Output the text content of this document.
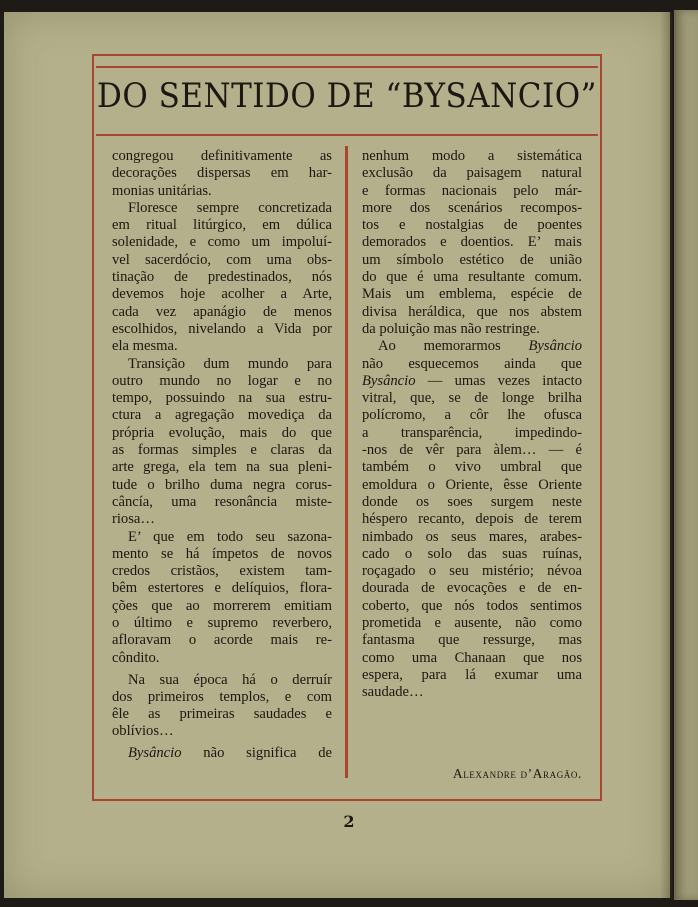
DO SENTIDO DE “BYSANCIO”
congregou definitivamente as
decorações dispersas em har-
monias unitárias.
Floresce sempre concretizada
em ritual litúrgico, em dúlica
solenidade, e como um impoluí-
vel sacerdócio, com uma obs-
tinação de predestinados, nós
devemos hoje acolher a Arte,
cada vez apanágio de menos
escolhidos, nivelando a Vida por
ela mesma.
Transição dum mundo para
outro mundo no logar e no
tempo, possuindo na sua estru-
ctura a agregação movediça da
própria evolução, mais do que
as formas simples e claras da
arte grega, ela tem na sua pleni-
tude o brilho duma negra corus-
câncía, uma resonância miste-
riosa…
E’ que em todo seu sazona-
mento se há ímpetos de novos
credos cristãos, existem tam-
bêm estertores e delíquios, flora-
ções que ao morrerem emitiam
o último e supremo reverbero,
afloravam o acorde mais re-
côndito.
Na sua época há o derruír
dos primeiros templos, e com
êle as primeiras saudades e
oblívios…
Bysâncio não significa de
nenhum modo a sistemática
exclusão da paisagem natural
e formas nacionais pelo már-
more dos scenários recompos-
tos e nostalgias de poentes
demorados e doentios. E’ mais
um símbolo estético de união
do que é uma resultante comum.
Mais um emblema, espécie de
divisa heráldica, que nos abstem
da poluição mas não restringe.
Ao memorarmos Bysâncio
não esquecemos ainda que
Bysâncio — umas vezes intacto
vitral, que, se de longe brilha
polícromo, a côr lhe ofusca
a transparência, impedindo-
-nos de vêr para àlem… — é
também o vivo umbral que
emoldura o Oriente, êsse Oriente
donde os soes surgem neste
héspero recanto, depois de terem
nimbado os seus mares, arabes-
cado o solo das suas ruínas,
roçagado o seu mistério; névoa
dourada de evocações e de en-
coberto, que nós todos sentimos
prometida e ausente, não como
fantasma que ressurge, mas
como uma Chanaan que nos
espera, para lá exumar uma
saudade…
Alexandre d’Aragão.
2
